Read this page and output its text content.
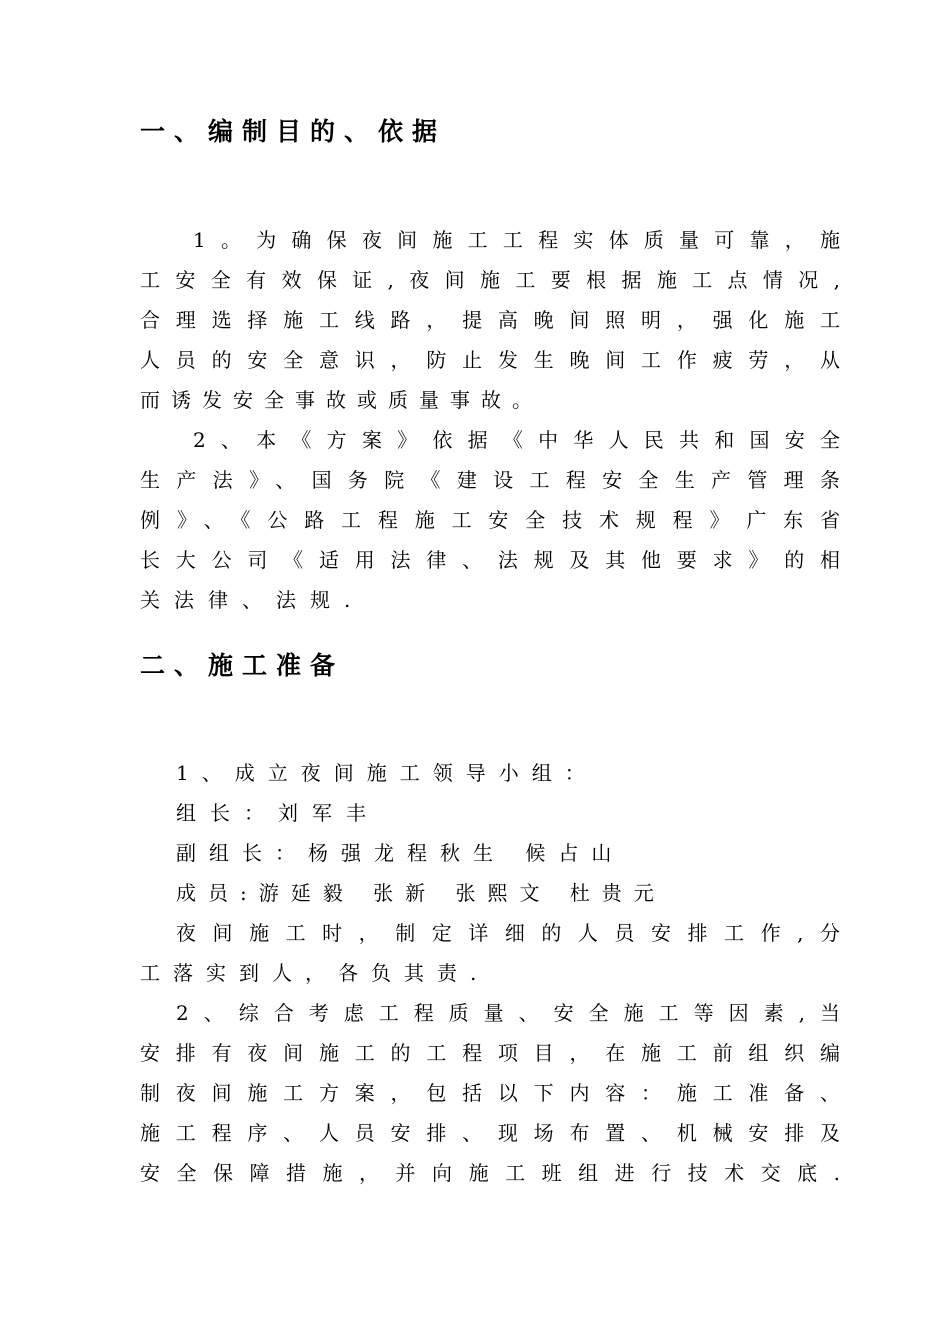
一、编制目的、依据

1。为确保夜间施工工程实体质量可靠，施

工安全有效保证,夜间施工要根据施工点情况,

合理选择施工线路，提高晚间照明，强化施工

人员的安全意识，防止发生晚间工作疲劳，从

而诱发安全事故或质量事故。

2、本《方案》依据《中华人民共和国安全

生产法》、国务院《建设工程安全生产管理条

例》、《公路工程施工安全技术规程》广东省

长大公司《适用法律、法规及其他要求》的相

关法律、法规.

二、施工准备

1、成立夜间施工领导小组：

组长：刘军丰

副组长：杨强龙程秋生 候占山

成员:游延毅 张新 张熙文 杜贵元

夜间施工时，制定详细的人员安排工作,分

工落实到人，各负其责.

2、综合考虑工程质量、安全施工等因素,当

安排有夜间施工的工程项目，在施工前组织编

制夜间施工方案，包括以下内容：施工准备、

施工程序、人员安排、现场布置、机械安排及

安全保障措施，并向施工班组进行技术交底.
